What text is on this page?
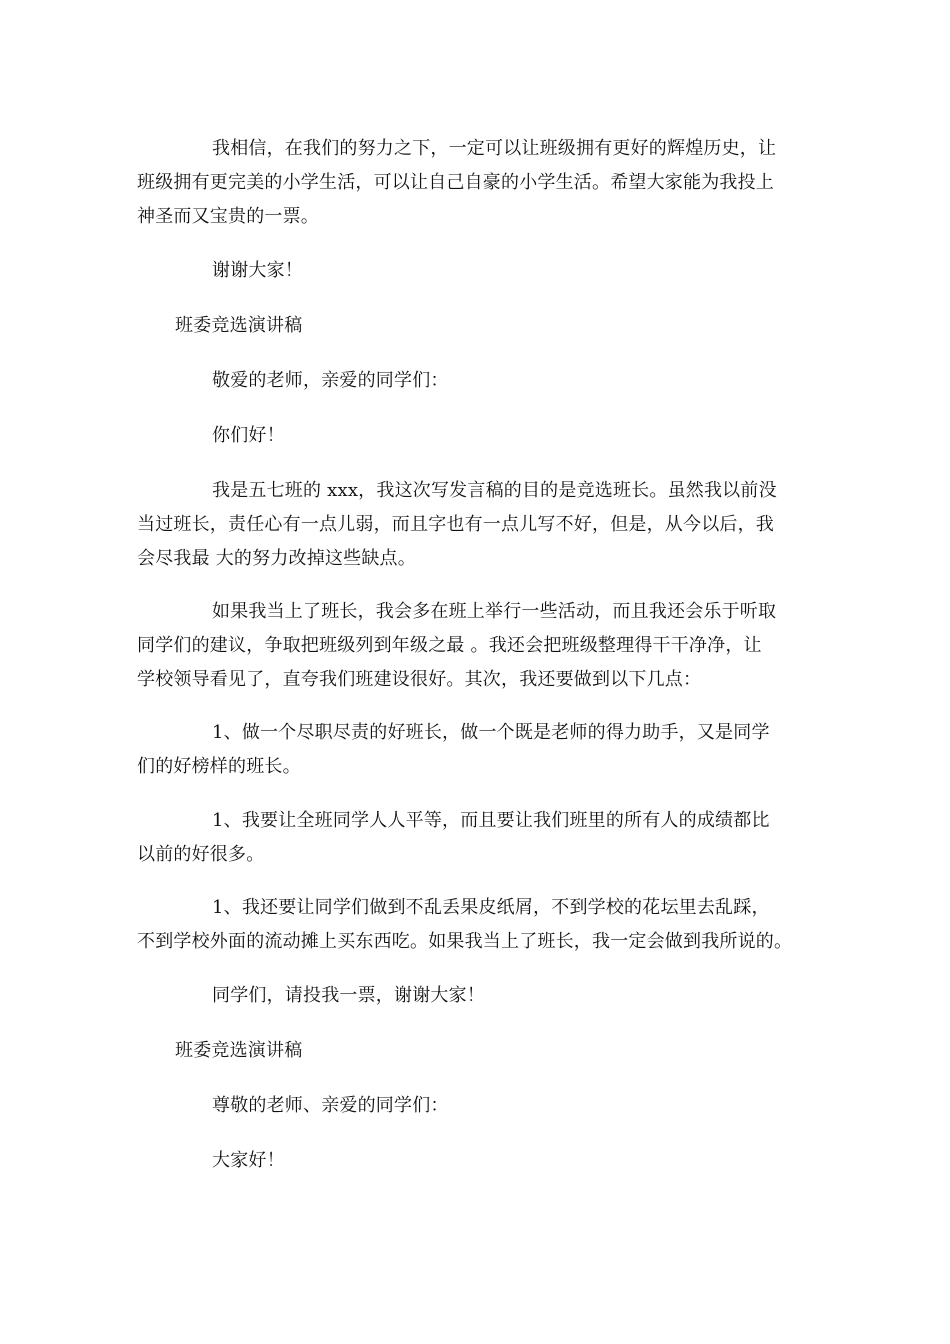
我相信，在我们的努力之下，一定可以让班级拥有更好的辉煌历史，让
班级拥有更完美的小学生活，可以让自己自豪的小学生活。希望大家能为我投上
神圣而又宝贵的一票。
谢谢大家！
班委竞选演讲稿
敬爱的老师，亲爱的同学们：
你们好！
我是五七班的 xxx，我这次写发言稿的目的是竞选班长。虽然我以前没
当过班长，责任心有一点儿弱，而且字也有一点儿写不好，但是，从今以后，我
会尽我最 大的努力改掉这些缺点。
如果我当上了班长，我会多在班上举行一些活动，而且我还会乐于听取
同学们的建议，争取把班级列到年级之最 。我还会把班级整理得干干净净，让
学校领导看见了，直夸我们班建设很好。其次，我还要做到以下几点：
1、做一个尽职尽责的好班长，做一个既是老师的得力助手，又是同学
们的好榜样的班长。
1、我要让全班同学人人平等，而且要让我们班里的所有人的成绩都比
以前的好很多。
1、我还要让同学们做到不乱丢果皮纸屑，不到学校的花坛里去乱踩，
不到学校外面的流动摊上买东西吃。如果我当上了班长，我一定会做到我所说的。
同学们，请投我一票，谢谢大家！
班委竞选演讲稿
尊敬的老师、亲爱的同学们：
大家好！
